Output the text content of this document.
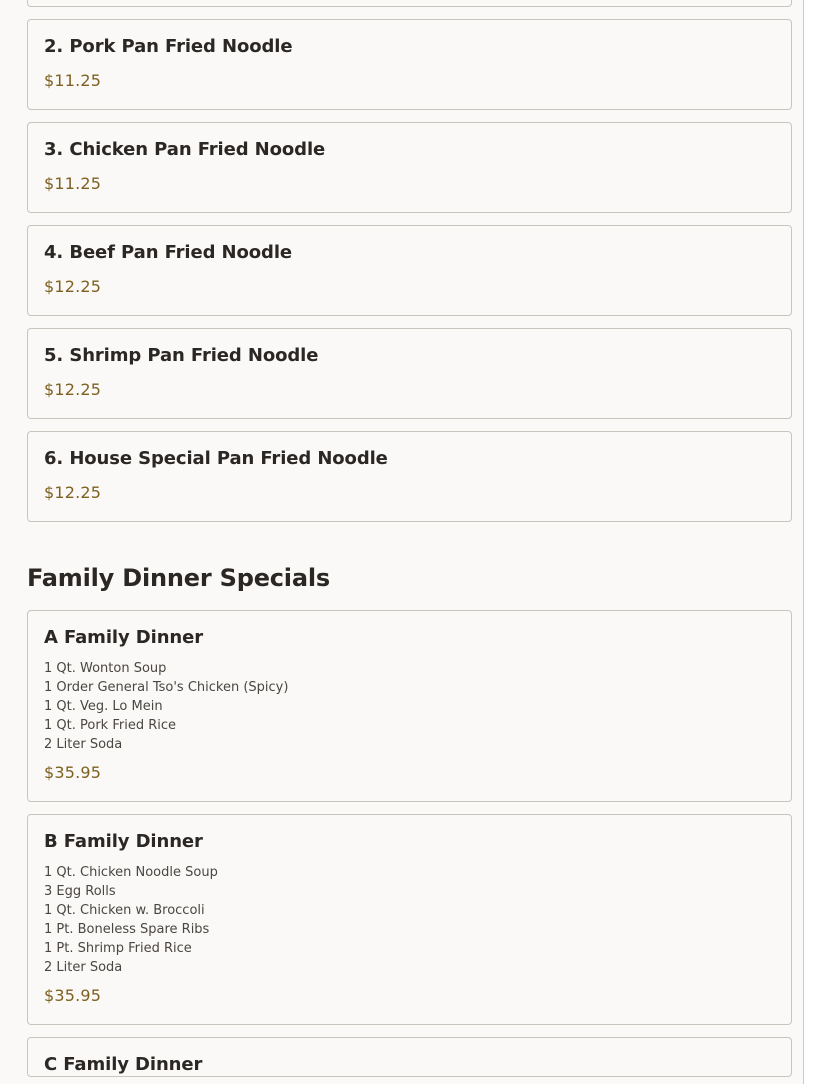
2. Pork Pan Fried Noodle
$11.25
3. Chicken Pan Fried Noodle
$11.25
4. Beef Pan Fried Noodle
$12.25
5. Shrimp Pan Fried Noodle
$12.25
6. House Special Pan Fried Noodle
$12.25
Family Dinner Specials
A Family Dinner
1 Qt. Wonton Soup
1 Order General Tso's Chicken (Spicy)
1 Qt. Veg. Lo Mein
1 Qt. Pork Fried Rice
2 Liter Soda
$35.95
B Family Dinner
1 Qt. Chicken Noodle Soup
3 Egg Rolls
1 Qt. Chicken w. Broccoli
1 Pt. Boneless Spare Ribs
1 Pt. Shrimp Fried Rice
2 Liter Soda
$35.95
C Family Dinner
